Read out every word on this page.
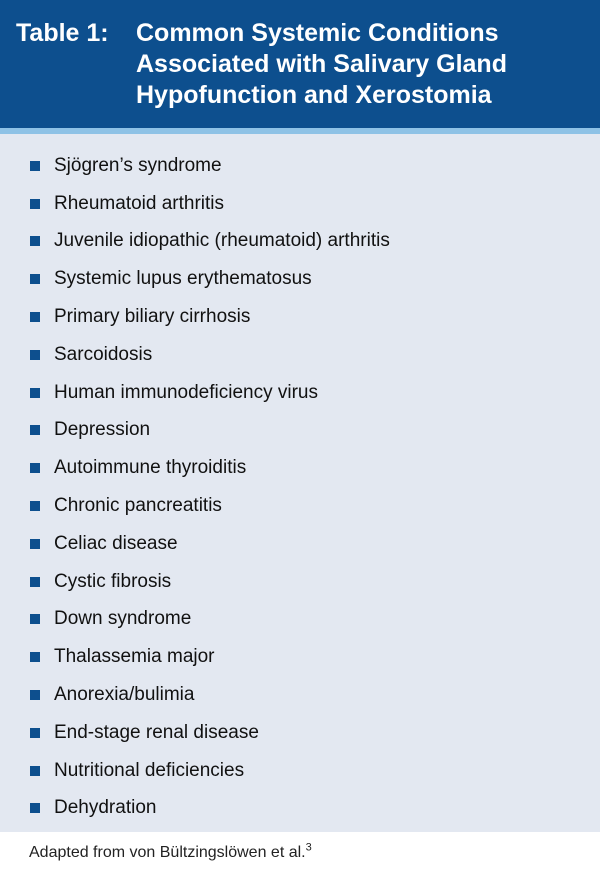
Table 1:	Common Systemic Conditions Associated with Salivary Gland Hypofunction and Xerostomia
Sjögren’s syndrome
Rheumatoid arthritis
Juvenile idiopathic (rheumatoid) arthritis
Systemic lupus erythematosus
Primary biliary cirrhosis
Sarcoidosis
Human immunodeficiency virus
Depression
Autoimmune thyroiditis
Chronic pancreatitis
Celiac disease
Cystic fibrosis
Down syndrome
Thalassemia major
Anorexia/bulimia
End-stage renal disease
Nutritional deficiencies
Dehydration
Adapted from von Bültzingslöwen et al.$^3$
